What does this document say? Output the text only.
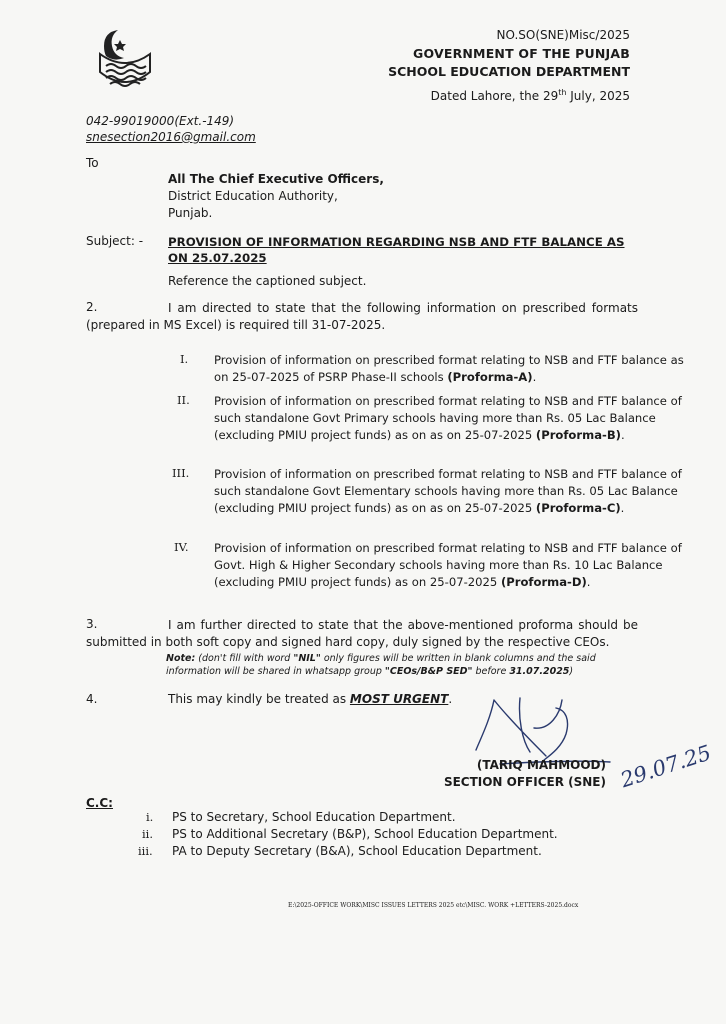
NO.SO(SNE)Misc/2025
GOVERNMENT OF THE PUNJAB
SCHOOL EDUCATION DEPARTMENT
Dated Lahore, the 29th July, 2025
042-99019000(Ext.-149)
snesection2016@gmail.com
To
All The Chief Executive Officers,
District Education Authority,
Punjab.
Subject: - PROVISION OF INFORMATION REGARDING NSB AND FTF BALANCE AS ON 25.07.2025
Reference the captioned subject.
2.	I am directed to state that the following information on prescribed formats (prepared in MS Excel) is required till 31-07-2025.
I. Provision of information on prescribed format relating to NSB and FTF balance as on 25-07-2025 of PSRP Phase-II schools (Proforma-A).
II. Provision of information on prescribed format relating to NSB and FTF balance of such standalone Govt Primary schools having more than Rs. 05 Lac Balance (excluding PMIU project funds) as on as on 25-07-2025 (Proforma-B).
III. Provision of information on prescribed format relating to NSB and FTF balance of such standalone Govt Elementary schools having more than Rs. 05 Lac Balance (excluding PMIU project funds) as on as on 25-07-2025 (Proforma-C).
IV. Provision of information on prescribed format relating to NSB and FTF balance of Govt. High & Higher Secondary schools having more than Rs. 10 Lac Balance (excluding PMIU project funds) as on 25-07-2025 (Proforma-D).
3.	I am further directed to state that the above-mentioned proforma should be submitted in both soft copy and signed hard copy, duly signed by the respective CEOs.
Note: (don't fill with word "NIL" only figures will be written in blank columns and the said information will be shared in whatsapp group "CEOs/B&P SED" before 31.07.2025)
4.	This may kindly be treated as MOST URGENT.
29.07.25
(TARIQ MAHMOOD)
SECTION OFFICER (SNE)
C.C:
i. PS to Secretary, School Education Department.
ii. PS to Additional Secretary (B&P), School Education Department.
iii. PA to Deputy Secretary (B&A), School Education Department.
E:\2025-OFFICE WORK\MISC ISSUES LETTERS 2025 etc\MISC. WORK +LETTERS-2025.docx
